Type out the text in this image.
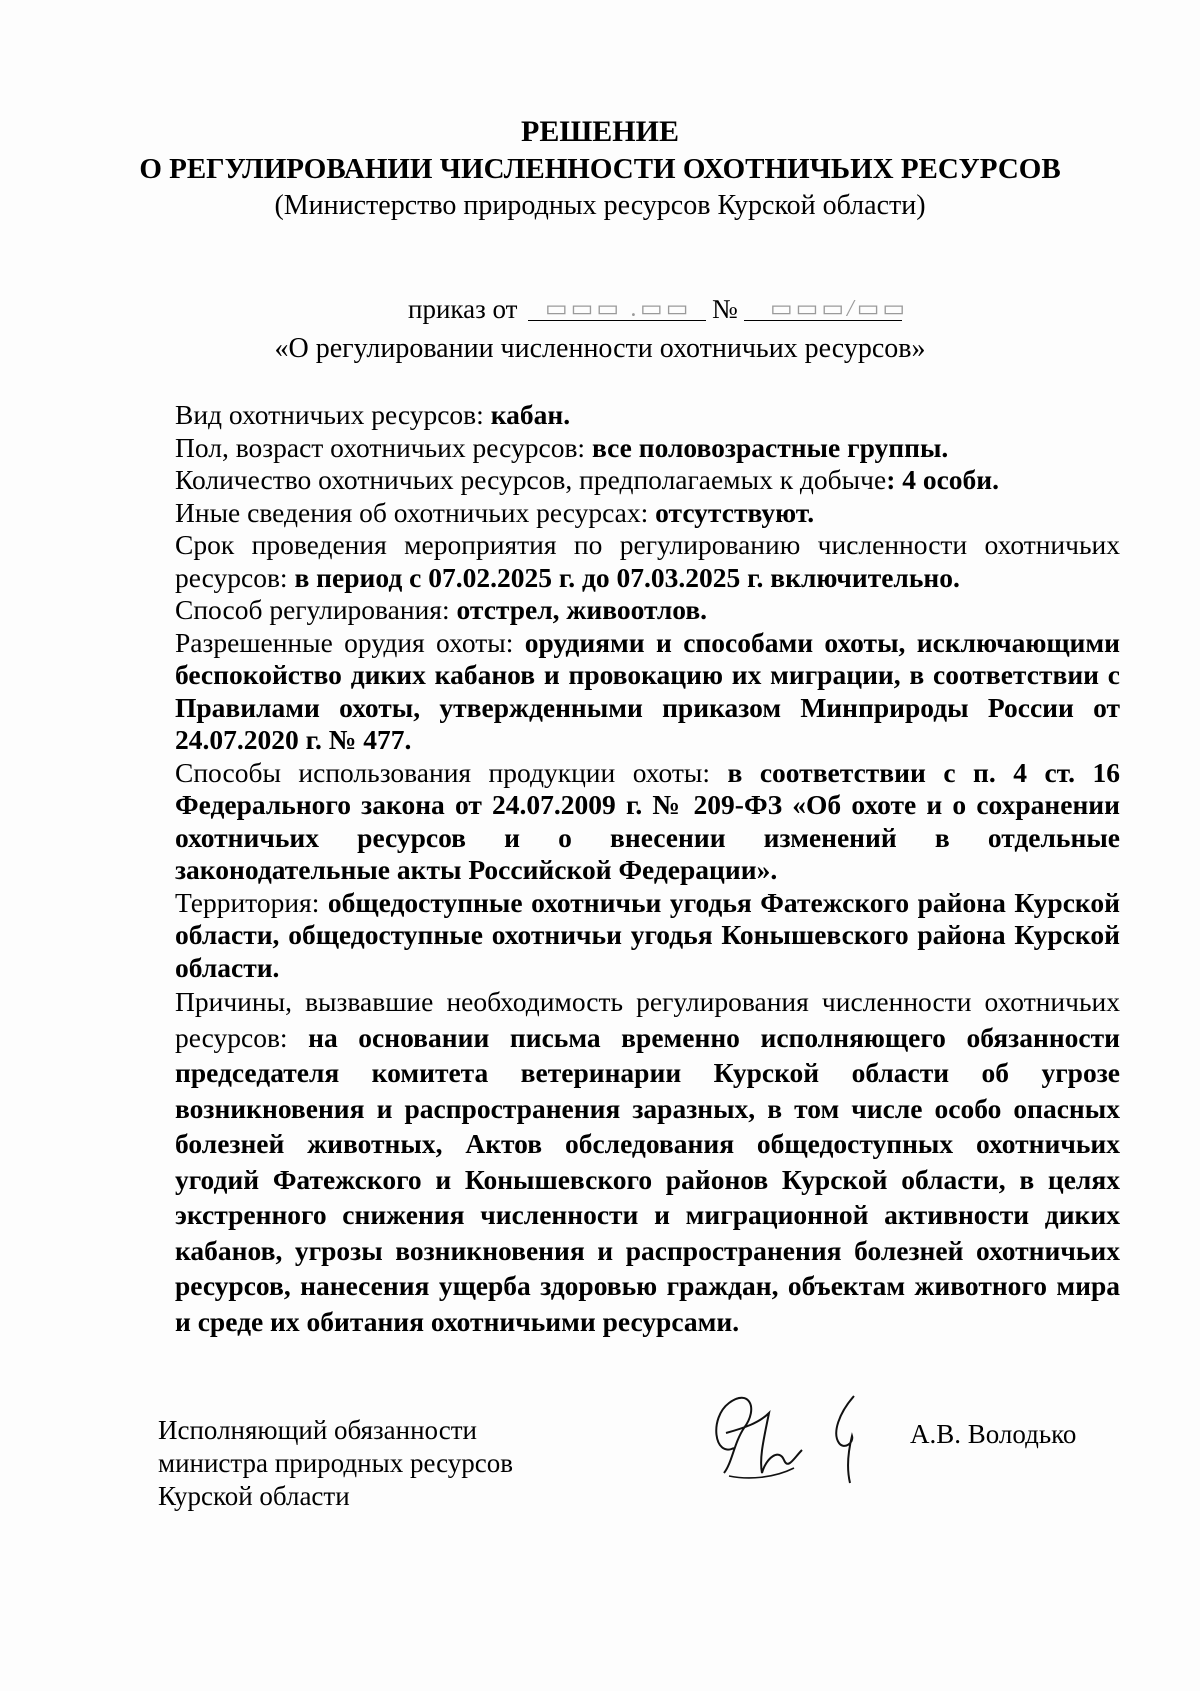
РЕШЕНИЕ
О РЕГУЛИРОВАНИИ ЧИСЛЕННОСТИ ОХОТНИЧЬИХ РЕСУРСОВ
(Министерство природных ресурсов Курской области)
приказ от ▭▭▭ .▭▭ № ▭▭▭/▭▭
«О регулировании численности охотничьих ресурсов»

Вид охотничьих ресурсов: кабан.

Пол, возраст охотничьих ресурсов: все половозрастные группы.

Количество охотничьих ресурсов, предполагаемых к добыче: 4 особи.

Иные сведения об охотничьих ресурсах: отсутствуют.

Срок проведения мероприятия по регулированию численности охотничьих ресурсов: в период с 07.02.2025 г. до 07.03.2025 г. включительно.

Способ регулирования: отстрел, живоотлов.

Разрешенные орудия охоты: орудиями и способами охоты, исключающими беспокойство диких кабанов и провокацию их миграции, в соответствии с Правилами охоты, утвержденными приказом Минприроды России от 24.07.2020 г. № 477.

Способы использования продукции охоты: в соответствии с п. 4 ст. 16 Федерального закона от 24.07.2009 г. № 209-ФЗ «Об охоте и о сохранении охотничьих ресурсов и о внесении изменений в отдельные законодательные акты Российской Федерации».

Территория: общедоступные охотничьи угодья Фатежского района Курской области, общедоступные охотничьи угодья Конышевского района Курской области.

Причины, вызвавшие необходимость регулирования численности охотничьих ресурсов: на основании письма временно исполняющего обязанности председателя комитета ветеринарии Курской области об угрозе возникновения и распространения заразных, в том числе особо опасных болезней животных, Актов обследования общедоступных охотничьих угодий Фатежского и Конышевского районов Курской области, в целях экстренного снижения численности и миграционной активности диких кабанов, угрозы возникновения и распространения болезней охотничьих ресурсов, нанесения ущерба здоровью граждан, объектам животного мира и среде их обитания охотничьими ресурсами.

Исполняющий обязанности
министра природных ресурсов
Курской области
А.В. Володько
